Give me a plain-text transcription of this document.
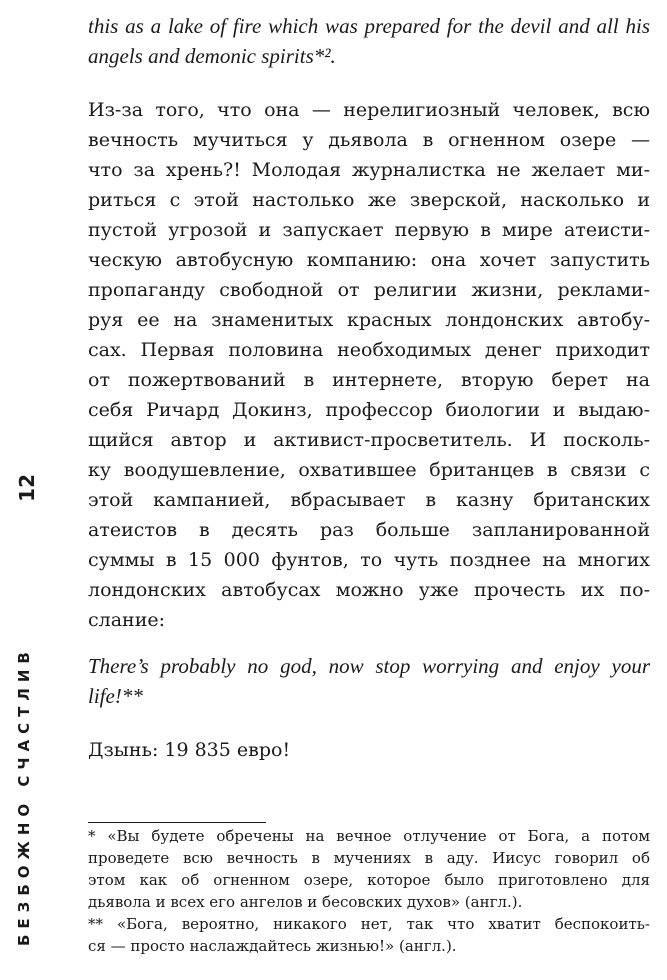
12
БЕЗБОЖНО СЧАСТЛИВ

this as a lake of fire which was prepared for the devil and all his

angels and demonic spirits*².

Из-за того, что она — нерелигиозный человек, всю

вечность мучиться у дьявола в огненном озере —

что за хрень?! Молодая журналистка не желает ми-

риться с этой настолько же зверской, насколько и

пустой угрозой и запускает первую в мире атеисти-

ческую автобусную компанию: она хочет запустить

пропаганду свободной от религии жизни, реклами-

руя ее на знаменитых красных лондонских автобу-

сах. Первая половина необходимых денег приходит

от пожертвований в интернете, вторую берет на

себя Ричард Докинз, профессор биологии и выдаю-

щийся автор и активист-просветитель. И посколь-

ку воодушевление, охватившее британцев в связи с

этой кампанией, вбрасывает в казну британских

атеистов в десять раз больше запланированной

суммы в 15 000 фунтов, то чуть позднее на многих

лондонских автобусах можно уже прочесть их по-

слание:

There’s probably no god, now stop worrying and enjoy your

life!**

Дзынь: 19 835 евро!

* «Вы будете обречены на вечное отлучение от Бога, а потом

проведете всю вечность в мучениях в аду. Иисус говорил об

этом как об огненном озере, которое было приготовлено для

дьявола и всех его ангелов и бесовских духов» (англ.).

** «Бога, вероятно, никакого нет, так что хватит беспокоить-

ся — просто наслаждайтесь жизнью!» (англ.).
